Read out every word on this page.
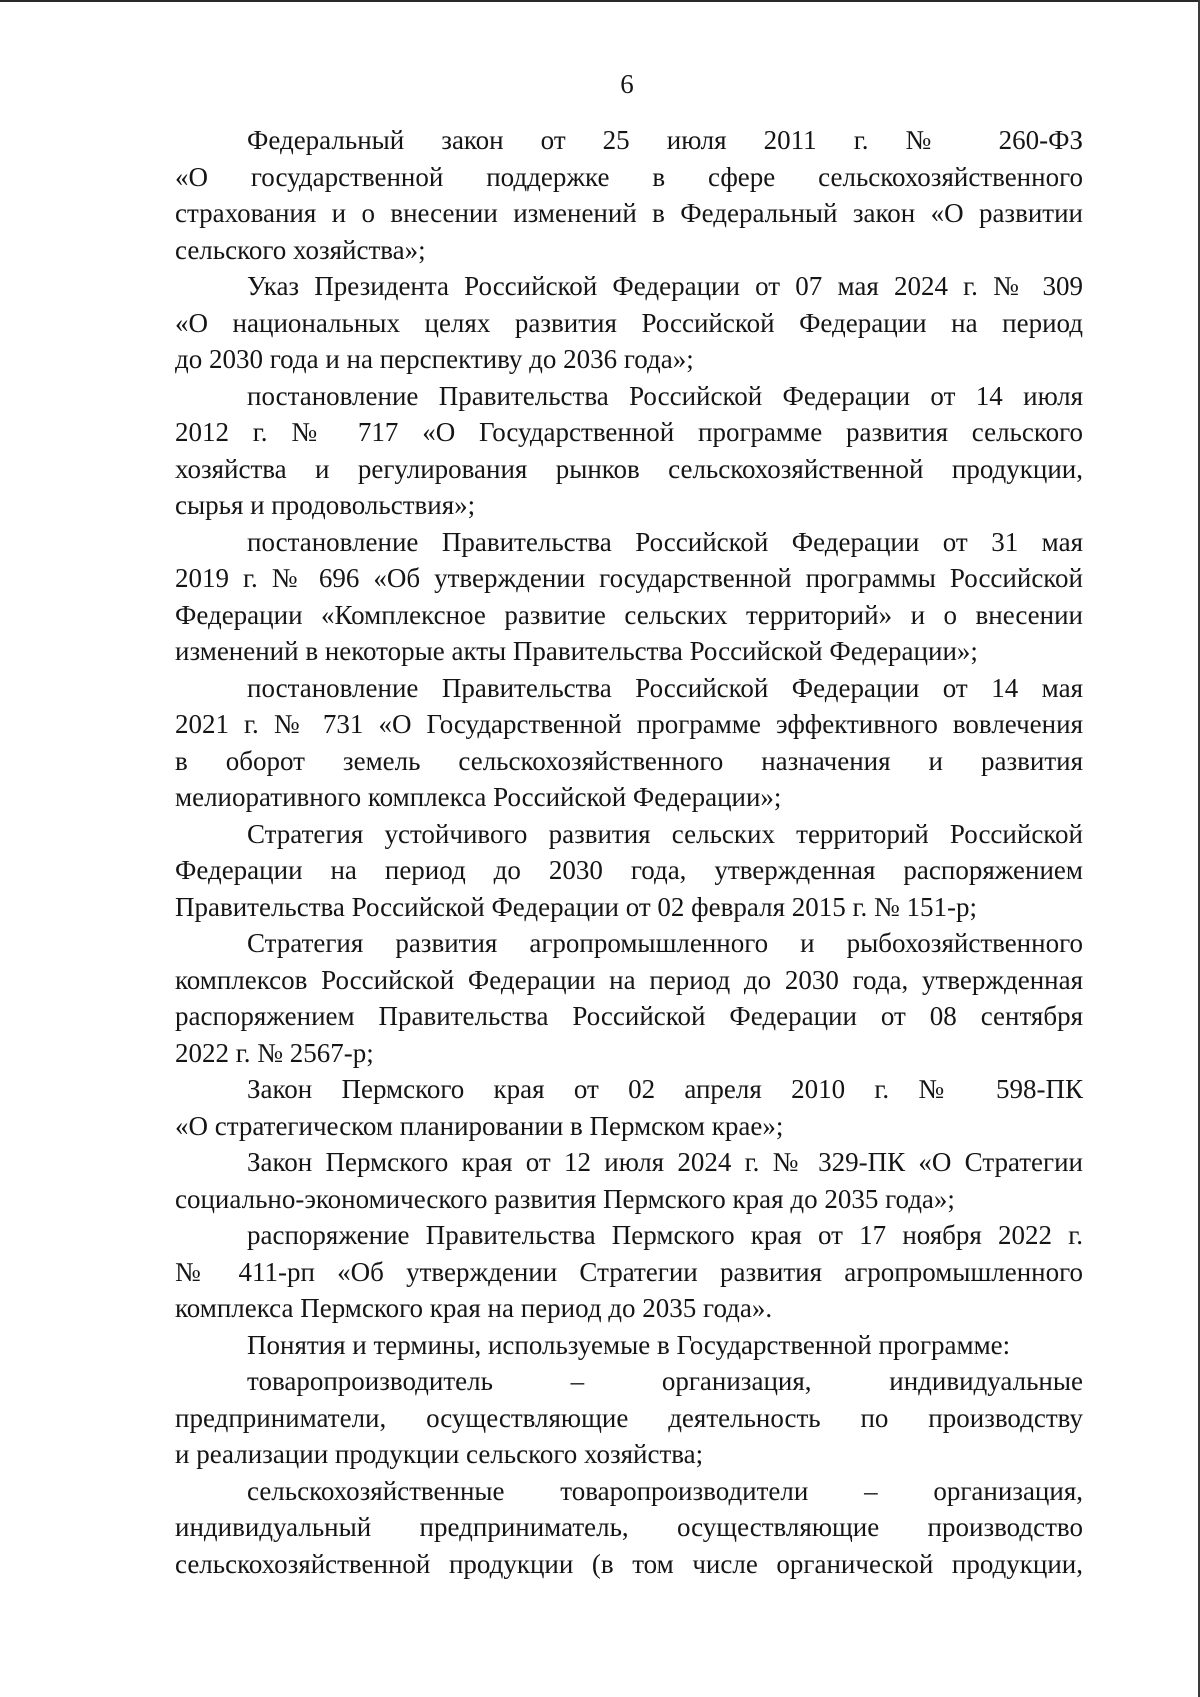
6
Федеральный закон от 25 июля 2011 г. № 260-ФЗ
«О государственной поддержке в сфере сельскохозяйственного
страхования и о внесении изменений в Федеральный закон «О развитии
сельского хозяйства»;
Указ Президента Российской Федерации от 07 мая 2024 г. № 309
«О национальных целях развития Российской Федерации на период
до 2030 года и на перспективу до 2036 года»;
постановление Правительства Российской Федерации от 14 июля
2012 г. № 717 «О Государственной программе развития сельского
хозяйства и регулирования рынков сельскохозяйственной продукции,
сырья и продовольствия»;
постановление Правительства Российской Федерации от 31 мая
2019 г. № 696 «Об утверждении государственной программы Российской
Федерации «Комплексное развитие сельских территорий» и о внесении
изменений в некоторые акты Правительства Российской Федерации»;
постановление Правительства Российской Федерации от 14 мая
2021 г. № 731 «О Государственной программе эффективного вовлечения
в оборот земель сельскохозяйственного назначения и развития
мелиоративного комплекса Российской Федерации»;
Стратегия устойчивого развития сельских территорий Российской
Федерации на период до 2030 года, утвержденная распоряжением
Правительства Российской Федерации от 02 февраля 2015 г. № 151-р;
Стратегия развития агропромышленного и рыбохозяйственного
комплексов Российской Федерации на период до 2030 года, утвержденная
распоряжением Правительства Российской Федерации от 08 сентября
2022 г. № 2567-р;
Закон Пермского края от 02 апреля 2010 г. № 598-ПК
«О стратегическом планировании в Пермском крае»;
Закон Пермского края от 12 июля 2024 г. № 329-ПК «О Стратегии
социально-экономического развития Пермского края до 2035 года»;
распоряжение Правительства Пермского края от 17 ноября 2022 г.
№ 411-рп «Об утверждении Стратегии развития агропромышленного
комплекса Пермского края на период до 2035 года».
Понятия и термины, используемые в Государственной программе:
товаропроизводитель – организация, индивидуальные
предприниматели, осуществляющие деятельность по производству
и реализации продукции сельского хозяйства;
сельскохозяйственные товаропроизводители – организация,
индивидуальный предприниматель, осуществляющие производство
сельскохозяйственной продукции (в том числе органической продукции,
